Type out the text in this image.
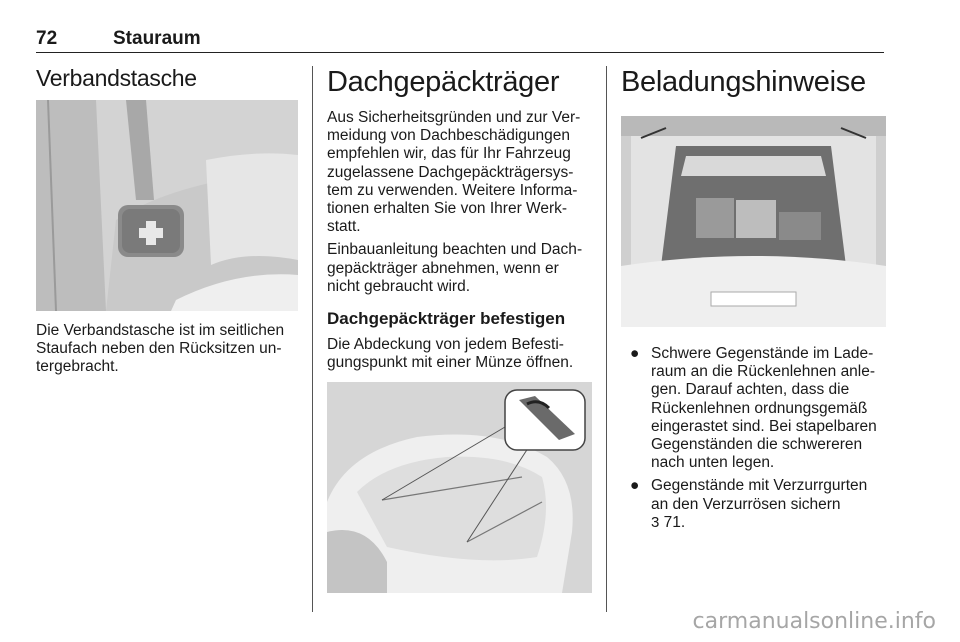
72	Stauraum
Verbandstasche

Die Verbandstasche ist im seitlichen Staufach neben den Rücksitzen untergebracht.

Dachgepäckträger

Aus Sicherheitsgründen und zur Vermeidung von Dachbeschädigungen empfehlen wir, das für Ihr Fahrzeug zugelassene Dachgepäckträgersystem zu verwenden. Weitere Informationen erhalten Sie von Ihrer Werkstatt.

Einbauanleitung beachten und Dachgepäckträger abnehmen, wenn er nicht gebraucht wird.

Dachgepäckträger befestigen

Die Abdeckung von jedem Befestigungspunkt mit einer Münze öffnen.

Beladungshinweise
● Schwere Gegenstände im Laderaum an die Rückenlehnen anlegen. Darauf achten, dass die Rückenlehnen ordnungsgemäß eingerastet sind. Bei stapelbaren Gegenständen die schwereren nach unten legen.
● Gegenstände mit Verzurrgurten an den Verzurrösen sichern
3 71.
carmanualsonline.info
